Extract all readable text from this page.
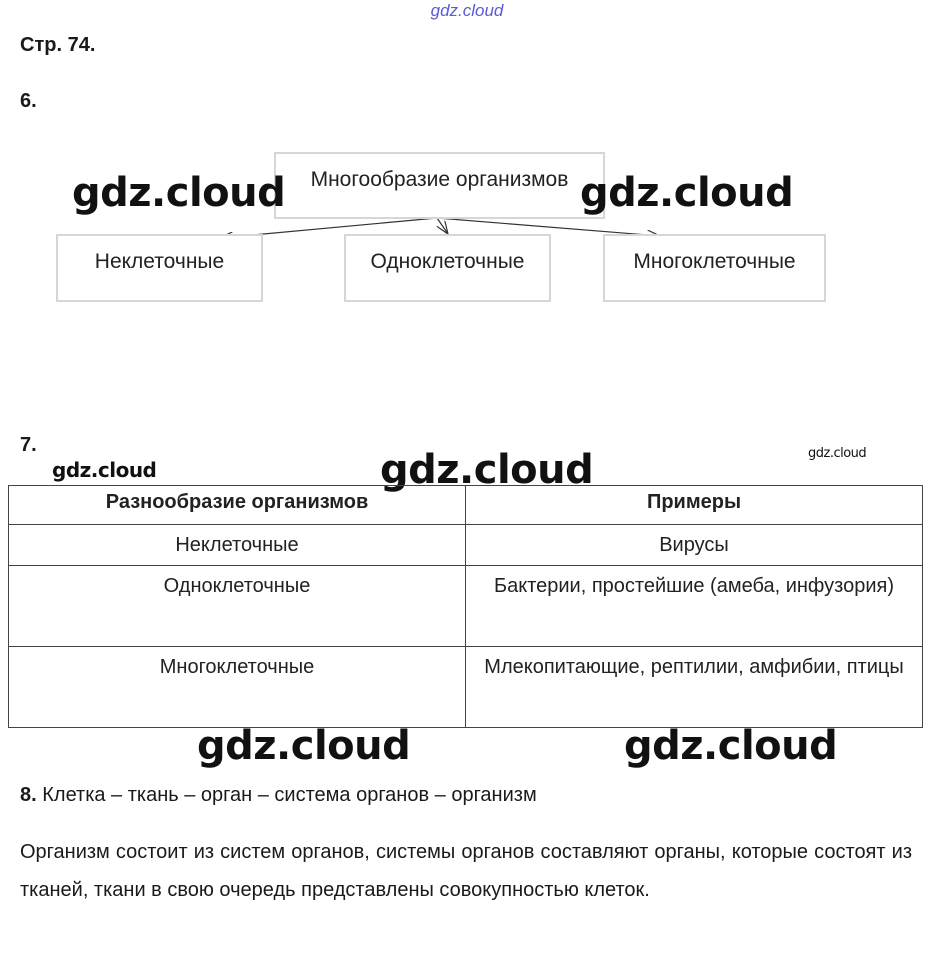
gdz.cloud
Стр. 74.
6.
Многообразие организмов
Неклеточные	Одноклеточные	Многоклеточные
gdz.cloud	gdz.cloud
7.
gdz.cloud	gdz.cloud	gdz.cloud
Разнообразие организмов	Примеры
Неклеточные	Вирусы
Одноклеточные	Бактерии, простейшие (амеба, инфузория)
Многоклеточные	Млекопитающие, рептилии, амфибии, птицы
gdz.cloud	gdz.cloud
8. Клетка – ткань – орган – система органов – организм
Организм состоит из систем органов, системы органов составляют органы, которые состоят из тканей, ткани в свою очередь представлены совокупностью клеток.
